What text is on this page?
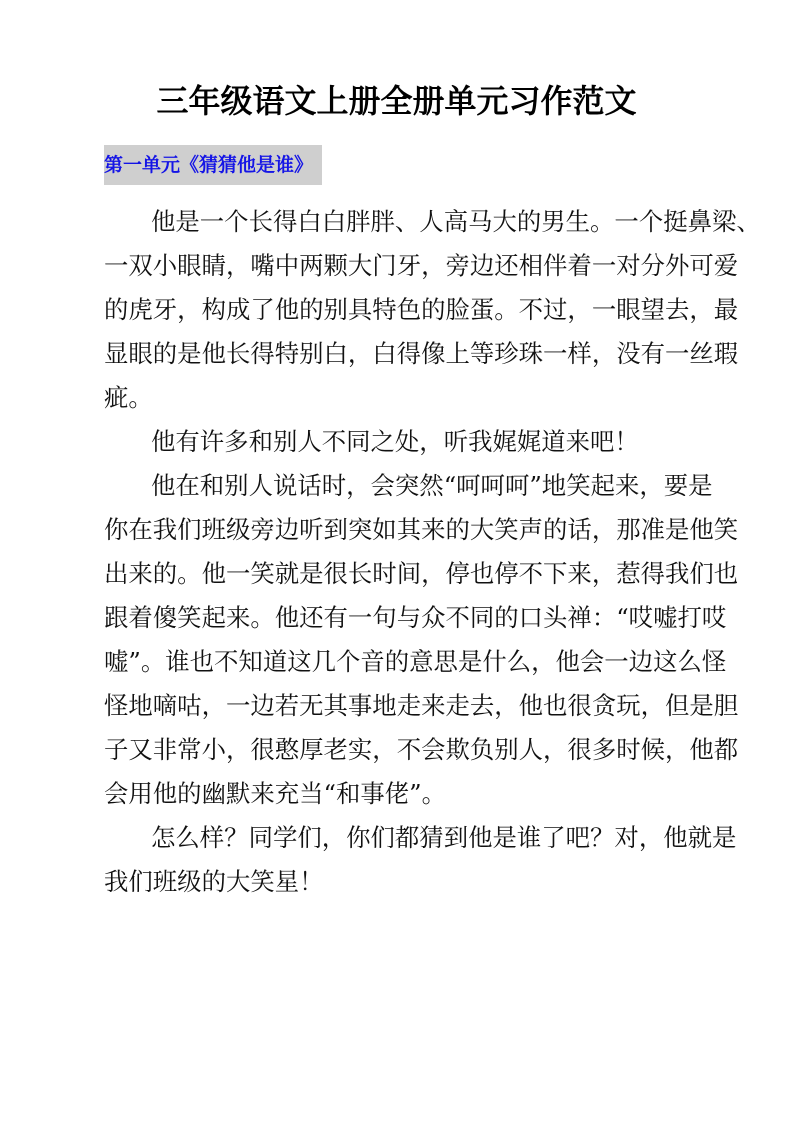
三年级语文上册全册单元习作范文
第一单元《猜猜他是谁》
他是一个长得白白胖胖、人高马大的男生。一个挺鼻梁、
一双小眼睛，嘴中两颗大门牙，旁边还相伴着一对分外可爱
的虎牙，构成了他的别具特色的脸蛋。不过，一眼望去，最
显眼的是他长得特别白，白得像上等珍珠一样，没有一丝瑕
疵。
他有许多和别人不同之处，听我娓娓道来吧！
他在和别人说话时，会突然“呵呵呵”地笑起来，要是
你在我们班级旁边听到突如其来的大笑声的话，那准是他笑
出来的。他一笑就是很长时间，停也停不下来，惹得我们也
跟着傻笑起来。他还有一句与众不同的口头禅：“哎嘘打哎
嘘”。谁也不知道这几个音的意思是什么，他会一边这么怪
怪地嘀咕，一边若无其事地走来走去，他也很贪玩，但是胆
子又非常小，很憨厚老实，不会欺负别人，很多时候，他都
会用他的幽默来充当“和事佬”。
怎么样？同学们，你们都猜到他是谁了吧？对，他就是
我们班级的大笑星！
